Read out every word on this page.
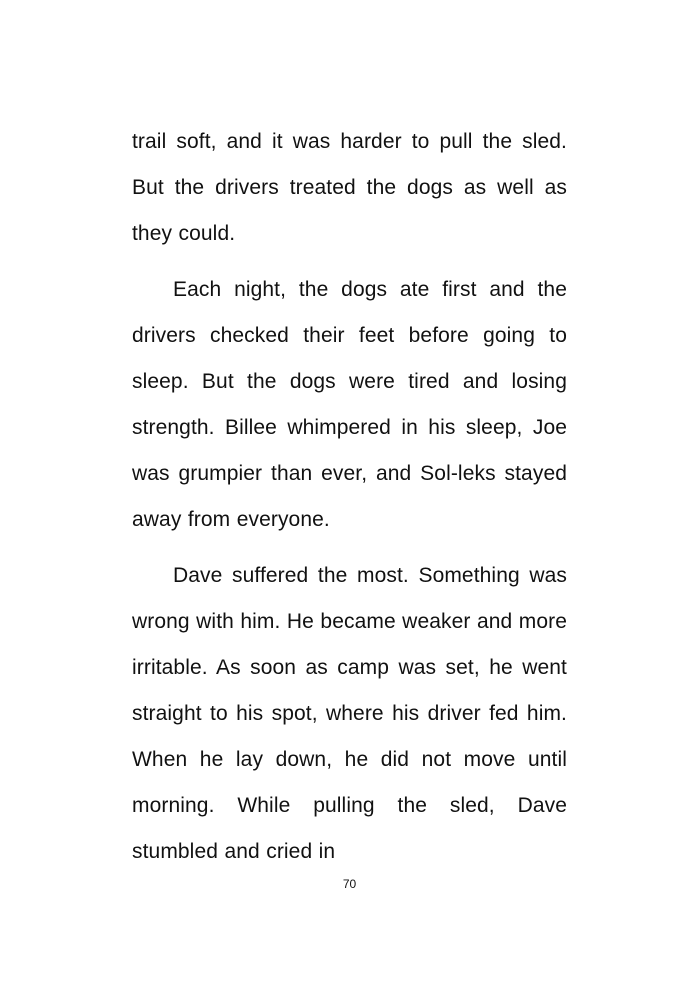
trail soft, and it was harder to pull the sled. But the drivers treated the dogs as well as they could.

Each night, the dogs ate first and the drivers checked their feet before going to sleep. But the dogs were tired and losing strength. Billee whimpered in his sleep, Joe was grumpier than ever, and Sol-leks stayed away from everyone.

Dave suffered the most. Something was wrong with him. He became weaker and more irritable. As soon as camp was set, he went straight to his spot, where his driver fed him. When he lay down, he did not move until morning. While pulling the sled, Dave stumbled and cried in

70
